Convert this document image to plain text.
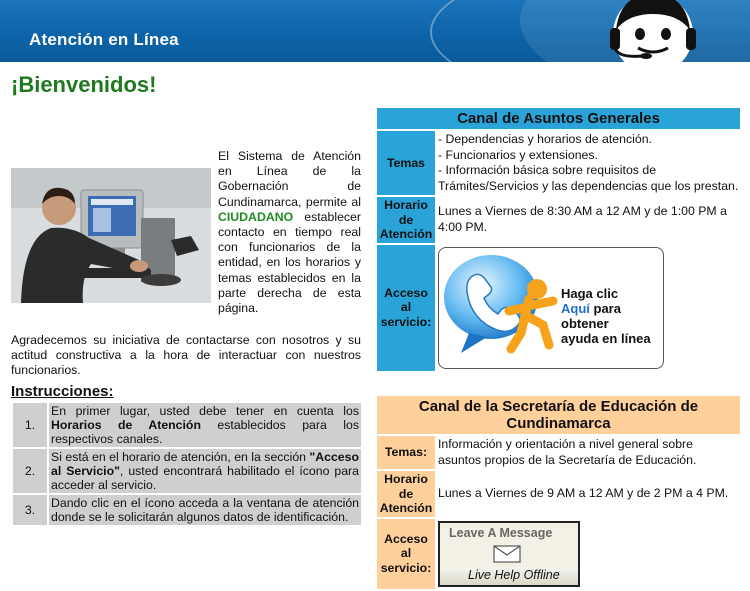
Atención en Línea
¡Bienvenidos!
El Sistema de Atención en Línea de la Gobernación de Cundinamarca, permite al CIUDADANO establecer contacto en tiempo real con funcionarios de la entidad, en los horarios y temas establecidos en la parte derecha de esta página.
Agradecemos su iniciativa de contactarse con nosotros y su actitud constructiva a la hora de interactuar con nuestros funcionarios.
Instrucciones:
1.	En primer lugar, usted debe tener en cuenta los Horarios de Atención establecidos para los respectivos canales.
2.	Si está en el horario de atención, en la sección "Acceso al Servicio", usted encontrará habilitado el ícono para acceder al servicio.
3.	Dando clic en el ícono acceda a la ventana de atención donde se le solicitarán algunos datos de identificación.
Canal de Asuntos Generales	
Temas	- Dependencias y horarios de atención.
- Funcionarios y extensiones.
- Información básica sobre requisitos de Trámites/Servicios y las dependencias que los prestan.

Horario de Atención	Lunes a Viernes de 8:30 AM a 12 AM y de 1:00 PM a 4:00 PM.
Acceso al servicio:	Haga clic
Aquí para
obtener
ayuda en línea
Canal de la Secretaría de Educación de Cundinamarca	
Temas:	Información y orientación a nivel general sobre asuntos propios de la Secretaría de Educación.
Horario de Atención	Lunes a Viernes de 9 AM a 12 AM y de 2 PM a 4 PM.
Acceso al servicio:	Leave A Message
Live Help Offline
